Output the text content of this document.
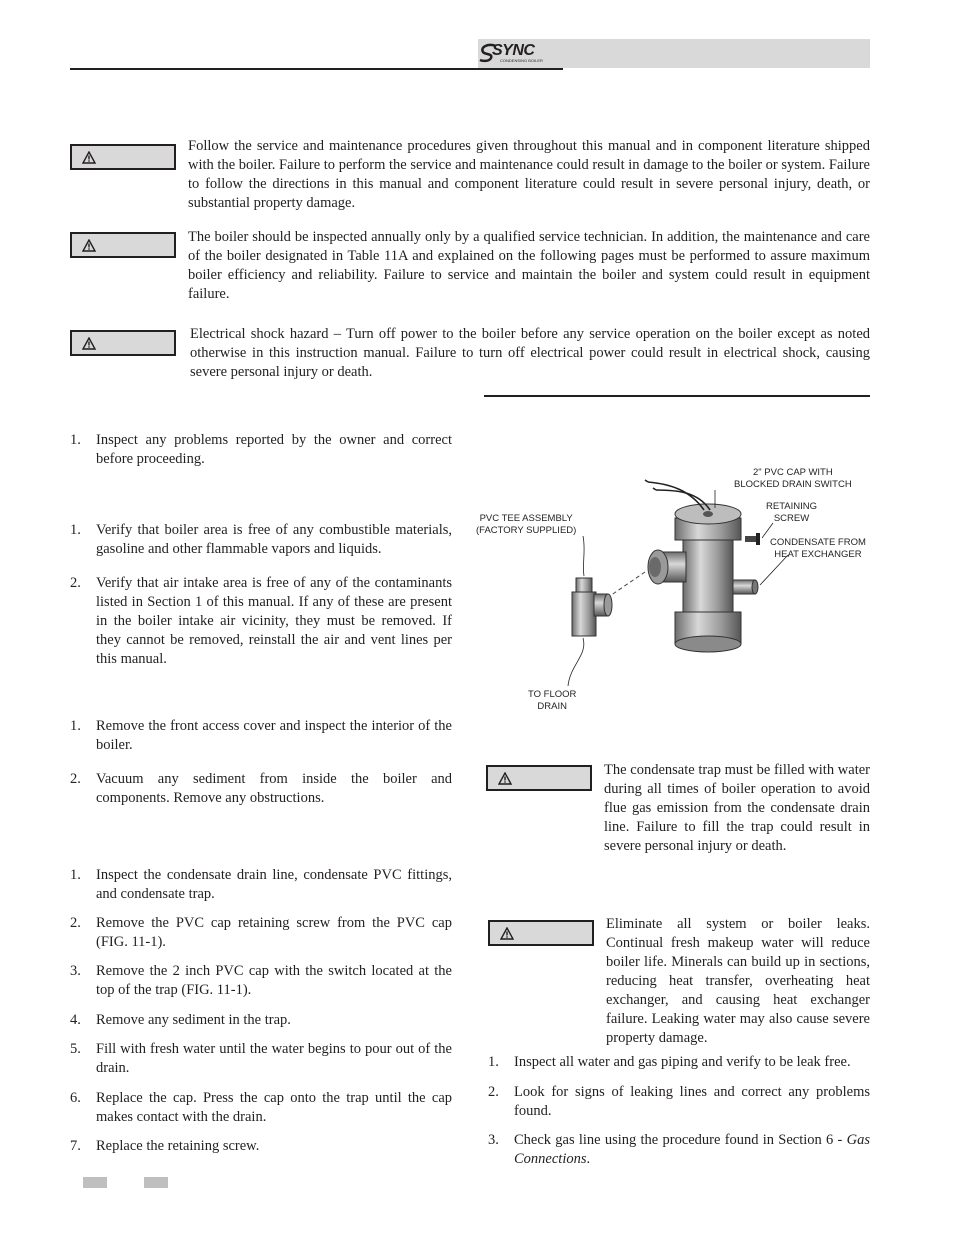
SYNC
CONDENSING BOILER
Follow the service and maintenance procedures given throughout this manual and in component literature shipped with the boiler. Failure to perform the service and maintenance could result in damage to the boiler or system. Failure to follow the directions in this manual and component literature could result in severe personal injury, death, or substantial property damage.
The boiler should be inspected annually only by a qualified service technician. In addition, the maintenance and care of the boiler designated in Table 11A and explained on the following pages must be performed to assure maximum boiler efficiency and reliability. Failure to service and maintain the boiler and system could result in equipment failure.
Electrical shock hazard – Turn off power to the boiler before any service operation on the boiler except as noted otherwise in this instruction manual. Failure to turn off electrical power could result in electrical shock, causing severe personal injury or death.
1. Inspect any problems reported by the owner and correct before proceeding.
1. Verify that boiler area is free of any combustible materials, gasoline and other flammable vapors and liquids.
2. Verify that air intake area is free of any of the contaminants listed in Section 1 of this manual. If any of these are present in the boiler intake air vicinity, they must be removed. If they cannot be removed, reinstall the air and vent lines per this manual.
1. Remove the front access cover and inspect the interior of the boiler.
2. Vacuum any sediment from inside the boiler and components. Remove any obstructions.
1. Inspect the condensate drain line, condensate PVC fittings, and condensate trap.
2. Remove the PVC cap retaining screw from the PVC cap (FIG. 11-1).
3. Remove the 2 inch PVC cap with the switch located at the top of the trap (FIG. 11-1).
4. Remove any sediment in the trap.
5. Fill with fresh water until the water begins to pour out of the drain.
6. Replace the cap. Press the cap onto the trap until the cap makes contact with the drain.
7. Replace the retaining screw.
2" PVC CAP WITH
BLOCKED DRAIN SWITCH
RETAINING
SCREW
CONDENSATE FROM
HEAT EXCHANGER
PVC TEE ASSEMBLY
(FACTORY SUPPLIED)
TO FLOOR
DRAIN
The condensate trap must be filled with water during all times of boiler operation to avoid flue gas emission from the condensate drain line. Failure to fill the trap could result in severe personal injury or death.
Eliminate all system or boiler leaks. Continual fresh makeup water will reduce boiler life. Minerals can build up in sections, reducing heat transfer, overheating heat exchanger, and causing heat exchanger failure. Leaking water may also cause severe property damage.
1. Inspect all water and gas piping and verify to be leak free.
2. Look for signs of leaking lines and correct any problems found.
3. Check gas line using the procedure found in Section 6 - Gas Connections.
